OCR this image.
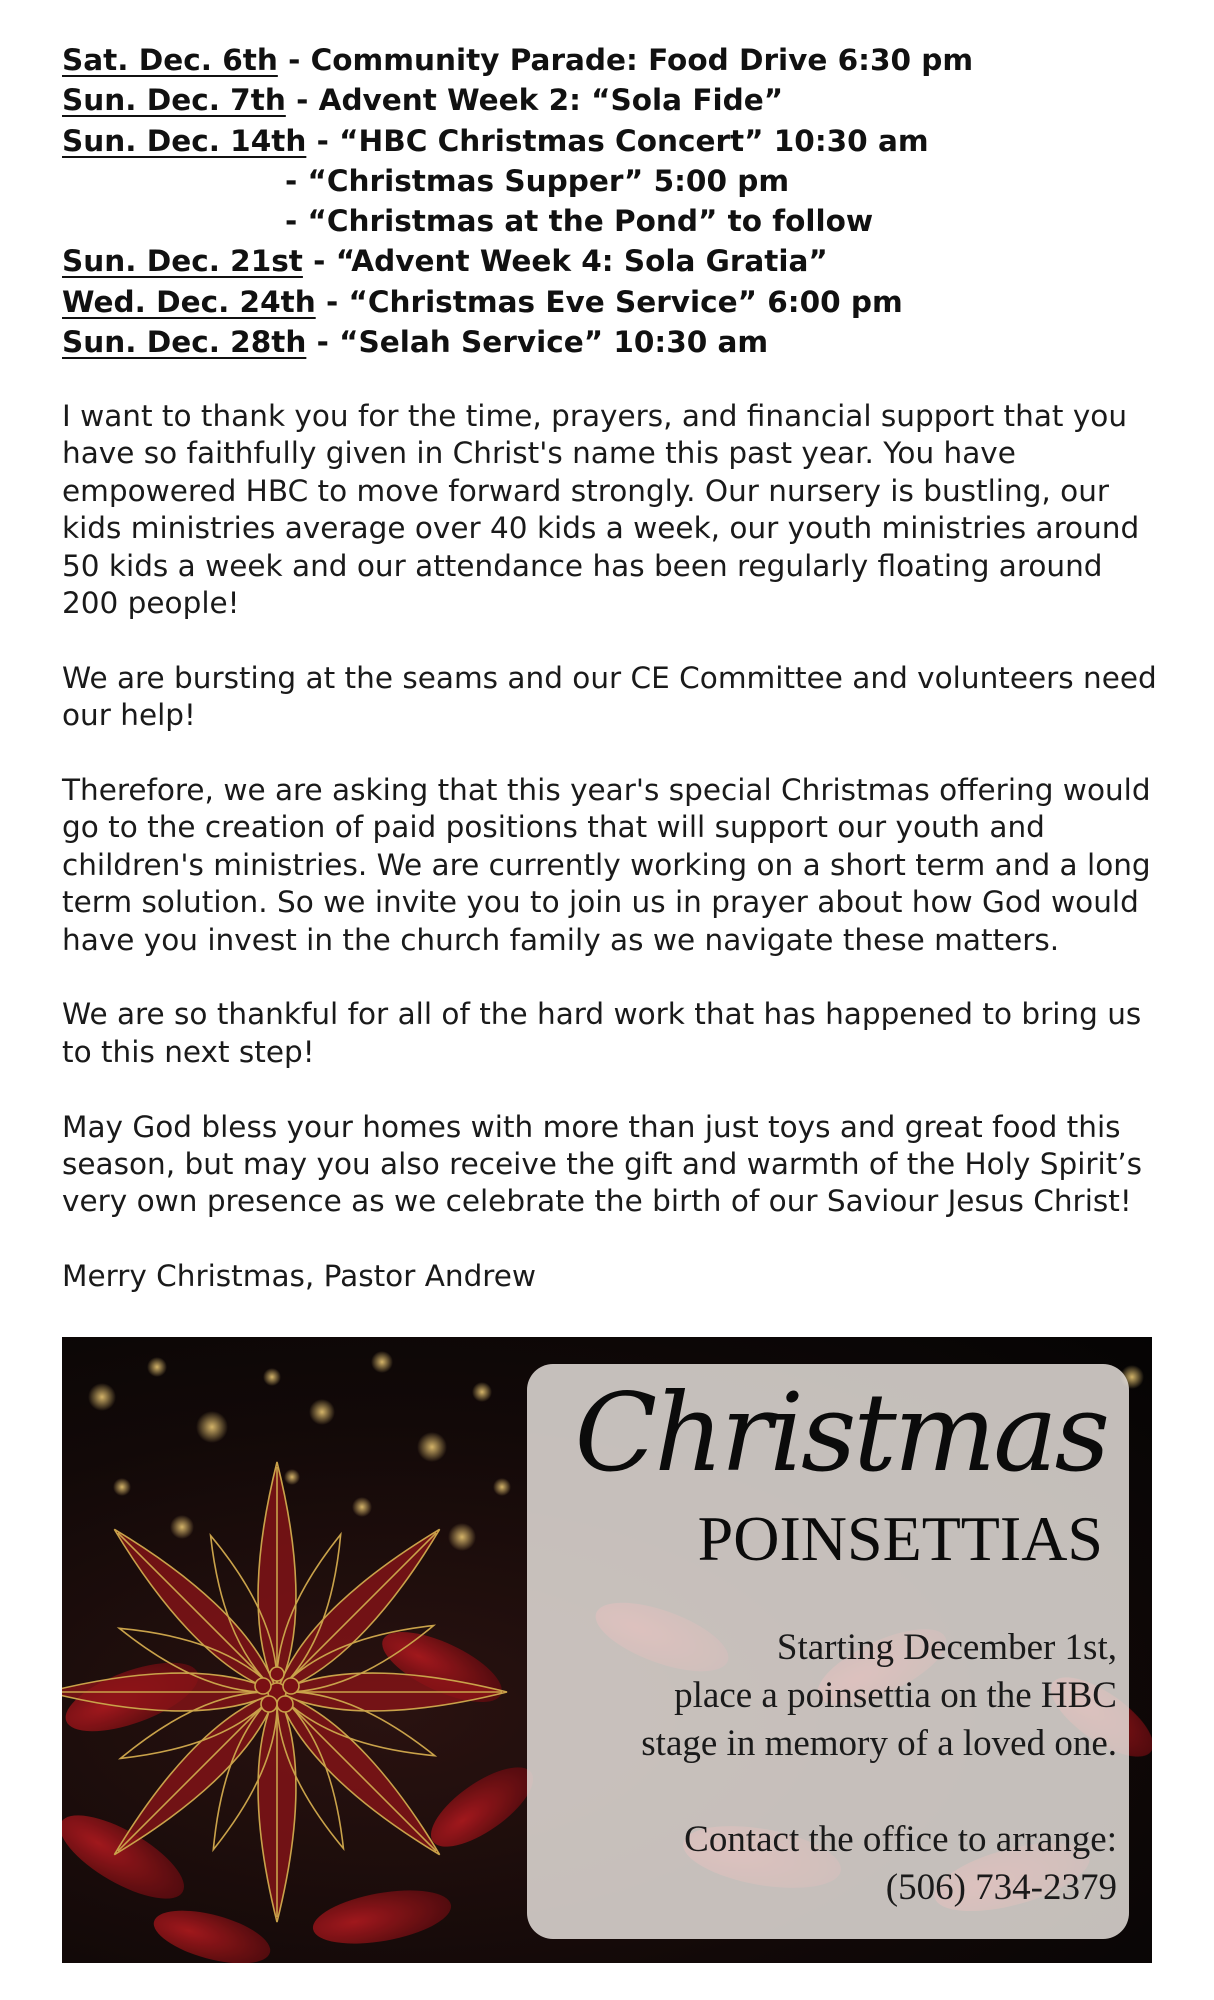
Sat. Dec. 6th - Community Parade: Food Drive 6:30 pm
Sun. Dec. 7th - Advent Week 2: “Sola Fide”
Sun. Dec. 14th - “HBC Christmas Concert” 10:30 am
- “Christmas Supper” 5:00 pm
- “Christmas at the Pond” to follow
Sun. Dec. 21st - “Advent Week 4: Sola Gratia”
Wed. Dec. 24th - “Christmas Eve Service” 6:00 pm
Sun. Dec. 28th - “Selah Service” 10:30 am

I want to thank you for the time, prayers, and financial support that you have so faithfully given in Christ's name this past year. You have empowered HBC to move forward strongly. Our nursery is bustling, our kids ministries average over 40 kids a week, our youth ministries around 50 kids a week and our attendance has been regularly floating around 200 people!

We are bursting at the seams and our CE Committee and volunteers need our help!

Therefore, we are asking that this year's special Christmas offering would go to the creation of paid positions that will support our youth and children's ministries. We are currently working on a short term and a long term solution. So we invite you to join us in prayer about how God would have you invest in the church family as we navigate these matters.

We are so thankful for all of the hard work that has happened to bring us to this next step!

May God bless your homes with more than just toys and great food this season, but may you also receive the gift and warmth of the Holy Spirit’s very own presence as we celebrate the birth of our Saviour Jesus Christ!

Merry Christmas, Pastor Andrew

Christmas
POINSETTIAS
Starting December 1st,
place a poinsettia on the HBC
stage in memory of a loved one.
Contact the office to arrange:
(506) 734-2379
